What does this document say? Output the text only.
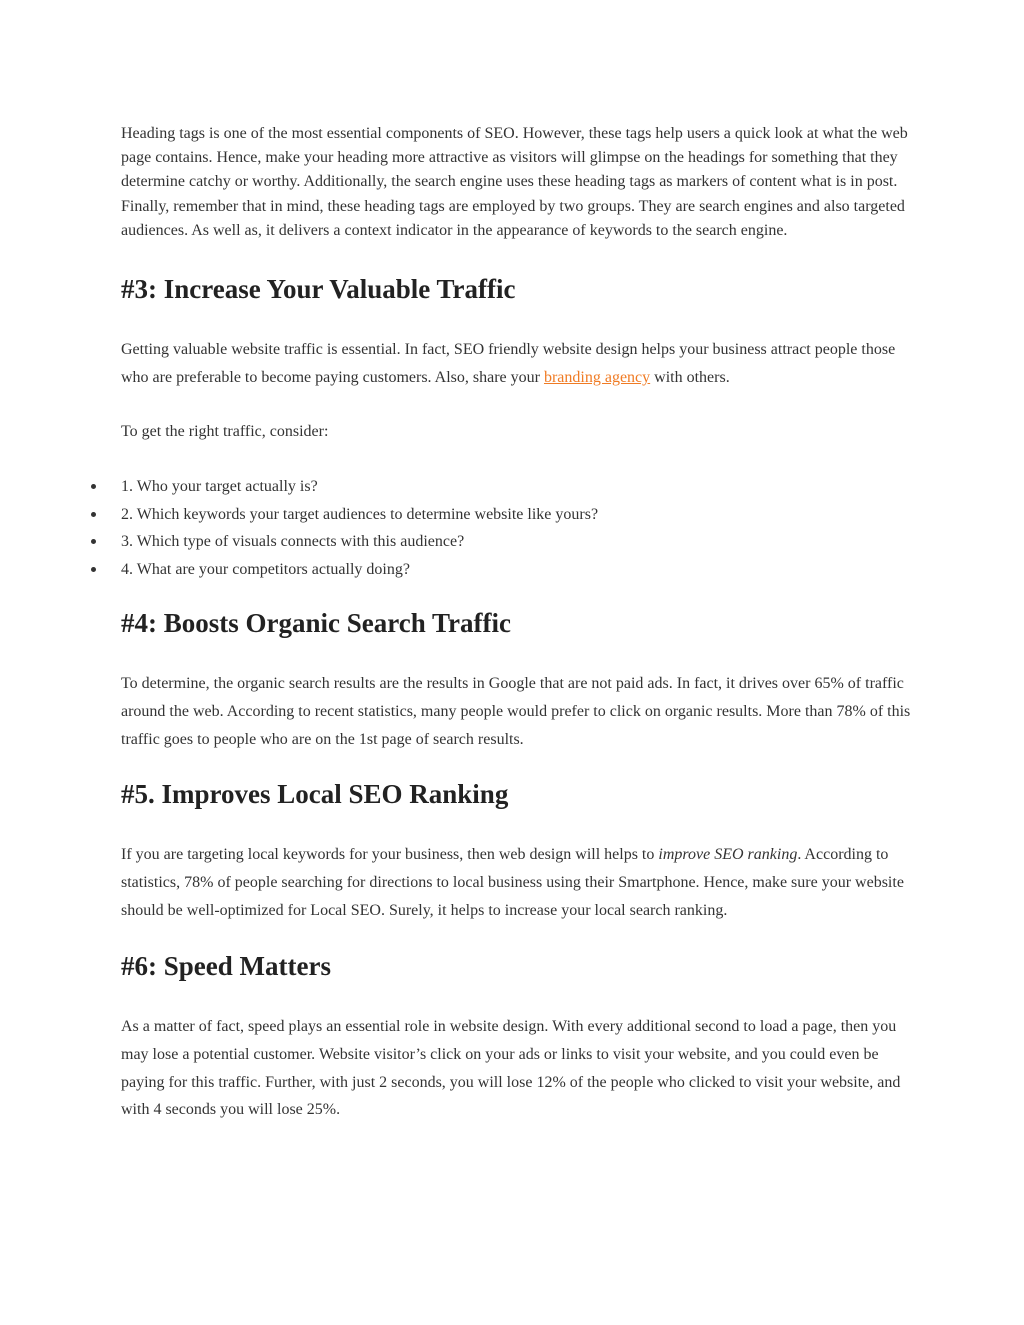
Heading tags is one of the most essential components of SEO. However, these tags help users a quick look at what the web page contains. Hence, make your heading more attractive as visitors will glimpse on the headings for something that they determine catchy or worthy. Additionally, the search engine uses these heading tags as markers of content what is in post. Finally, remember that in mind, these heading tags are employed by two groups. They are search engines and also targeted audiences. As well as, it delivers a context indicator in the appearance of keywords to the search engine.

#3: Increase Your Valuable Traffic

Getting valuable website traffic is essential. In fact, SEO friendly website design helps your business attract people those who are preferable to become paying customers. Also, share your branding agency with others.

To get the right traffic, consider:

1. Who your target actually is?
2. Which keywords your target audiences to determine website like yours?
3. Which type of visuals connects with this audience?
4. What are your competitors actually doing?
#4: Boosts Organic Search Traffic

To determine, the organic search results are the results in Google that are not paid ads. In fact, it drives over 65% of traffic around the web. According to recent statistics, many people would prefer to click on organic results. More than 78% of this traffic goes to people who are on the 1st page of search results.

#5. Improves Local SEO Ranking

If you are targeting local keywords for your business, then web design will helps to improve SEO ranking. According to statistics, 78% of people searching for directions to local business using their Smartphone. Hence, make sure your website should be well-optimized for Local SEO. Surely, it helps to increase your local search ranking.

#6: Speed Matters

As a matter of fact, speed plays an essential role in website design. With every additional second to load a page, then you may lose a potential customer. Website visitor’s click on your ads or links to visit your website, and you could even be paying for this traffic. Further, with just 2 seconds, you will lose 12% of the people who clicked to visit your website, and with 4 seconds you will lose 25%.
